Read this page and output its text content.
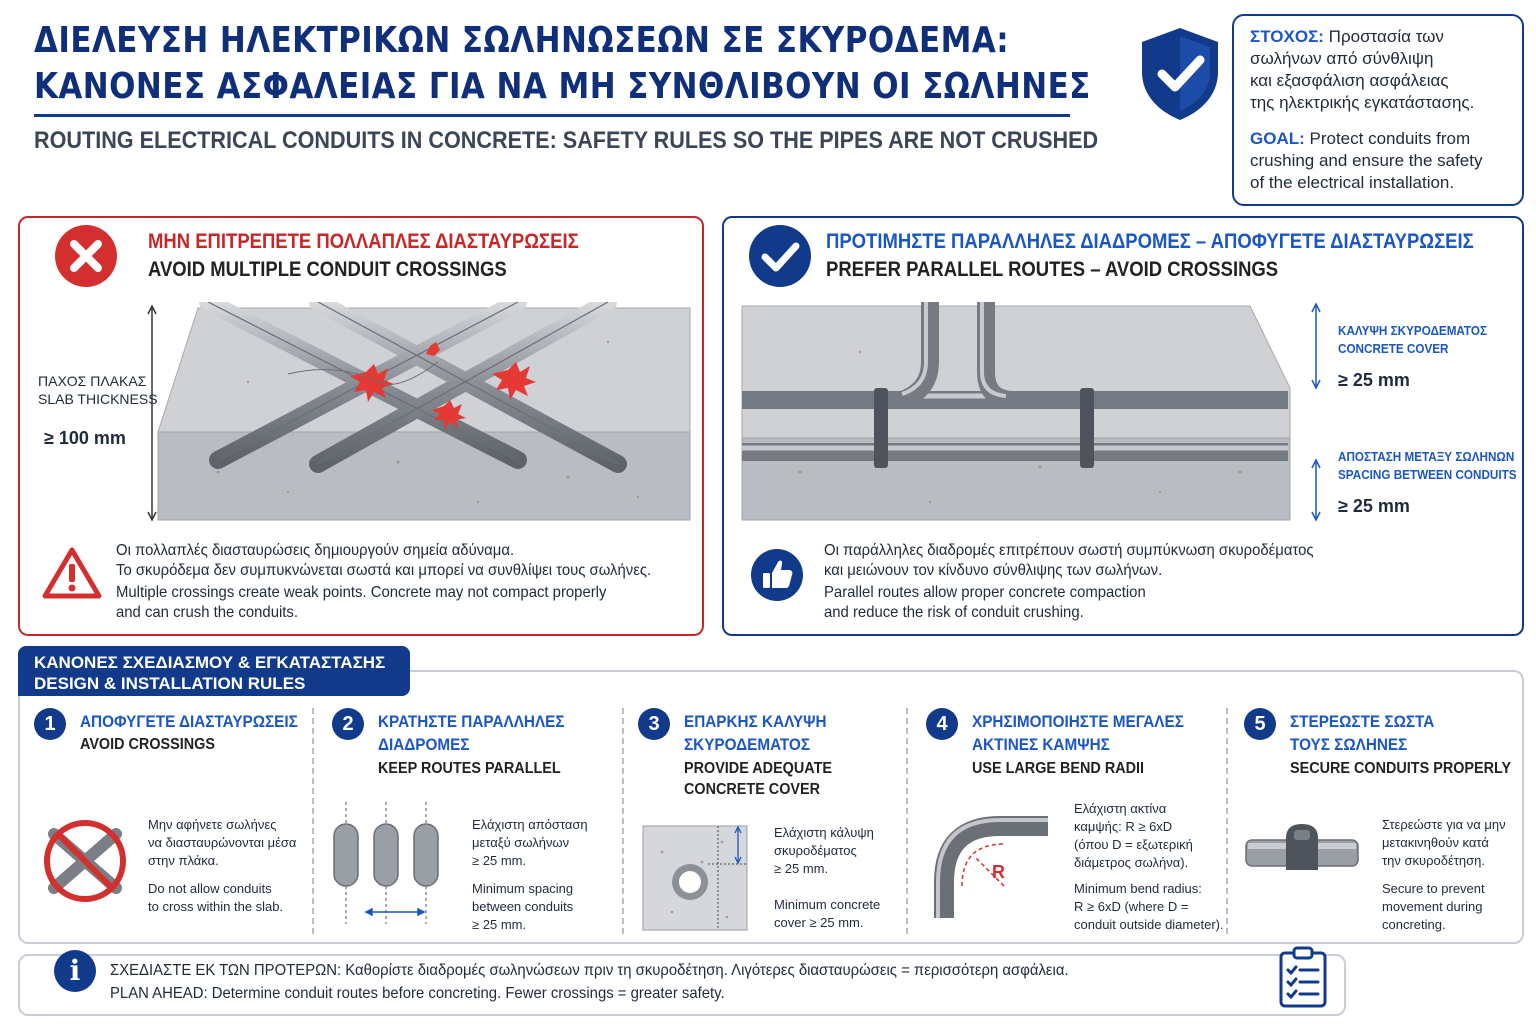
ΔΙΕΛΕΥΣΗ ΗΛΕΚΤΡΙΚΩΝ ΣΩΛΗΝΩΣΕΩΝ ΣΕ ΣΚΥΡΟΔΕΜΑ:
ΚΑΝΟΝΕΣ ΑΣΦΑΛΕΙΑΣ ΓΙΑ ΝΑ ΜΗ ΣΥΝΘΛΙΒΟΥΝ ΟΙ ΣΩΛΗΝΕΣ
ROUTING ELECTRICAL CONDUITS IN CONCRETE: SAFETY RULES SO THE PIPES ARE NOT CRUSHED

ΣΤΟΧΟΣ: Προστασία των
σωλήνων από σύνθλιψη
και εξασφάλιση ασφάλειας
της ηλεκτρικής εγκατάστασης.

GOAL: Protect conduits from
crushing and ensure the safety
of the electrical installation.

ΜΗΝ ΕΠΙΤΡΕΠΕΤΕ ΠΟΛΛΑΠΛΕΣ ΔΙΑΣΤΑΥΡΩΣΕΙΣ
AVOID MULTIPLE CONDUIT CROSSINGS
ΠΑΧΟΣ ΠΛΑΚΑΣ
SLAB THICKNESS
≥ 100 mm
Οι πολλαπλές διασταυρώσεις δημιουργούν σημεία αδύναμα.
Το σκυρόδεμα δεν συμπυκνώνεται σωστά και μπορεί να συνθλίψει τους σωλήνες.
Multiple crossings create weak points. Concrete may not compact properly
and can crush the conduits.
ΠΡΟΤΙΜΗΣΤΕ ΠΑΡΑΛΛΗΛΕΣ ΔΙΑΔΡΟΜΕΣ – ΑΠΟΦΥΓΕΤΕ ΔΙΑΣΤΑΥΡΩΣΕΙΣ
PREFER PARALLEL ROUTES – AVOID CROSSINGS
ΚΑΛΥΨΗ ΣΚΥΡΟΔΕΜΑΤΟΣ
CONCRETE COVER
≥ 25 mm
ΑΠΟΣΤΑΣΗ ΜΕΤΑΞΥ ΣΩΛΗΝΩΝ
SPACING BETWEEN CONDUITS
≥ 25 mm
Οι παράλληλες διαδρομές επιτρέπουν σωστή συμπύκνωση σκυροδέματος
και μειώνουν τον κίνδυνο σύνθλιψης των σωλήνων.
Parallel routes allow proper concrete compaction
and reduce the risk of conduit crushing.
ΚΑΝΟΝΕΣ ΣΧΕΔΙΑΣΜΟΥ & ΕΓΚΑΤΑΣΤΑΣΗΣ
DESIGN & INSTALLATION RULES
1	ΑΠΟΦΥΓΕΤΕ ΔΙΑΣΤΑΥΡΩΣΕΙΣ
AVOID CROSSINGS
Μην αφήνετε σωλήνες
να διασταυρώνονται μέσα
στην πλάκα.
Do not allow conduits
to cross within the slab.
2	ΚΡΑΤΗΣΤΕ ΠΑΡΑΛΛΗΛΕΣ
ΔΙΑΔΡΟΜΕΣ
KEEP ROUTES PARALLEL
Ελάχιστη απόσταση
μεταξύ σωλήνων
≥ 25 mm.
Minimum spacing
between conduits
≥ 25 mm.
3	ΕΠΑΡΚΗΣ ΚΑΛΥΨΗ
ΣΚΥΡΟΔΕΜΑΤΟΣ
PROVIDE ADEQUATE
CONCRETE COVER
Ελάχιστη κάλυψη
σκυροδέματος
≥ 25 mm.
Minimum concrete
cover ≥ 25 mm.
4	ΧΡΗΣΙΜΟΠΟΙΗΣΤΕ ΜΕΓΑΛΕΣ
ΑΚΤΙΝΕΣ ΚΑΜΨΗΣ
USE LARGE BEND RADII
R
Ελάχιστη ακτίνα
καμψής: R ≥ 6xD
(όπου D = εξωτερική
διάμετρος σωλήνα).
Minimum bend radius:
R ≥ 6xD (where D =
conduit outside diameter).
5	ΣΤΕΡΕΩΣΤΕ ΣΩΣΤΑ
ΤΟΥΣ ΣΩΛΗΝΕΣ
SECURE CONDUITS PROPERLY
Στερεώστε για να μην
μετακινηθούν κατά
την σκυροδέτηση.
Secure to prevent
movement during
concreting.
i	ΣΧΕΔΙΑΣΤΕ ΕΚ ΤΩΝ ΠΡΟΤΕΡΩΝ: Καθορίστε διαδρομές σωληνώσεων πριν τη σκυροδέτηση. Λιγότερες διασταυρώσεις = περισσότερη ασφάλεια.
PLAN AHEAD: Determine conduit routes before concreting. Fewer crossings = greater safety.
